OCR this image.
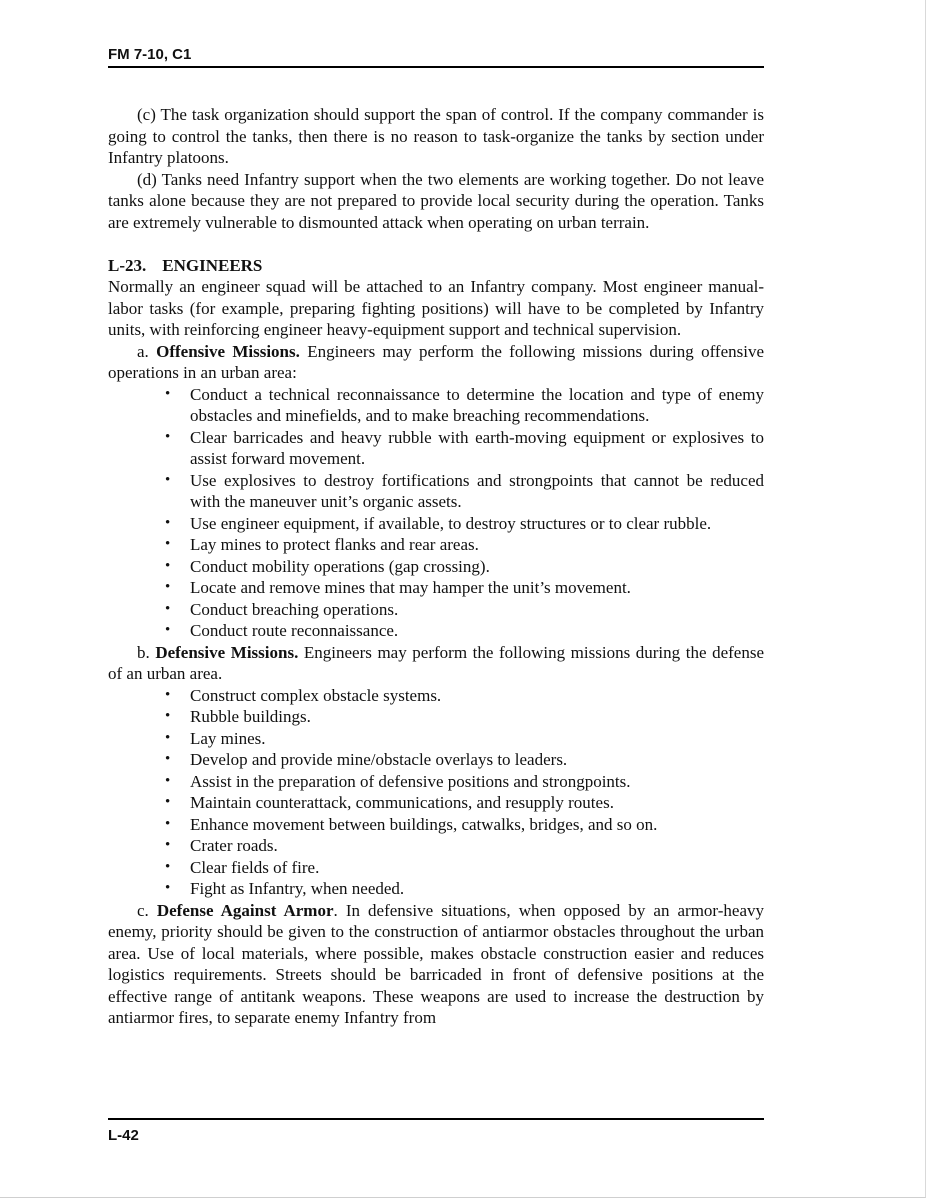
FM 7-10, C1

(c) The task organization should support the span of control. If the company commander is going to control the tanks, then there is no reason to task-organize the tanks by section under Infantry platoons.

(d) Tanks need Infantry support when the two elements are working together. Do not leave tanks alone because they are not prepared to provide local security during the operation. Tanks are extremely vulnerable to dismounted attack when operating on urban terrain.

L-23. ENGINEERS

Normally an engineer squad will be attached to an Infantry company. Most engineer manual-labor tasks (for example, preparing fighting positions) will have to be completed by Infantry units, with reinforcing engineer heavy-equipment support and technical supervision.

a. Offensive Missions. Engineers may perform the following missions during offensive operations in an urban area:

•	Conduct a technical reconnaissance to determine the location and type of enemy obstacles and minefields, and to make breaching recommendations.
•	Clear barricades and heavy rubble with earth-moving equipment or explosives to assist forward movement.
•	Use explosives to destroy fortifications and strongpoints that cannot be reduced with the maneuver unit’s organic assets.
•	Use engineer equipment, if available, to destroy structures or to clear rubble.
•	Lay mines to protect flanks and rear areas.
•	Conduct mobility operations (gap crossing).
•	Locate and remove mines that may hamper the unit’s movement.
•	Conduct breaching operations.
•	Conduct route reconnaissance.

b. Defensive Missions. Engineers may perform the following missions during the defense of an urban area.

•	Construct complex obstacle systems.
•	Rubble buildings.
•	Lay mines.
•	Develop and provide mine/obstacle overlays to leaders.
•	Assist in the preparation of defensive positions and strongpoints.
•	Maintain counterattack, communications, and resupply routes.
•	Enhance movement between buildings, catwalks, bridges, and so on.
•	Crater roads.
•	Clear fields of fire.
•	Fight as Infantry, when needed.

c. Defense Against Armor. In defensive situations, when opposed by an armor-heavy enemy, priority should be given to the construction of antiarmor obstacles throughout the urban area. Use of local materials, where possible, makes obstacle construction easier and reduces logistics requirements. Streets should be barricaded in front of defensive positions at the effective range of antitank weapons. These weapons are used to increase the destruction by antiarmor fires, to separate enemy Infantry from

L-42
